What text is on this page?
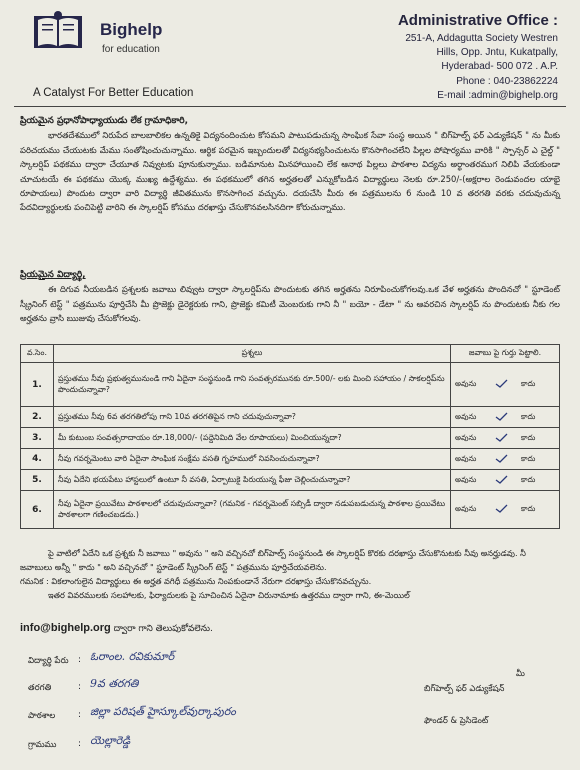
Bighelp
for education
A Catalyst For Better Education
Administrative Office :
251-A, Addagutta Society Westren
Hills, Opp. Jntu, Kukatpally,
Hyderabad- 500 072 . A.P.
Phone : 040-23862224
E-mail :admin@bighelp.org
ప్రియమైన ప్రధానోపాధ్యాయుడు లేక గ్రామాధికారి,
భారతదేశములో నిరుపేద బాలబాలికల ఉన్నతికై విద్యనందించుట కోసమని పాటుపడుచున్న సాంఘిక సేవా సంస్థ అయిన " బిగ్‌హెల్ప్ ఫర్ ఎడ్యుకేషన్ " ను మీకు పరిచయము చేయుటకు మేము సంతోషించుచున్నాము. ఆర్థిక పరమైన ఇబ్బందులతో విద్యనభ్యసించుటను కొనసాగించలేని పిల్లల పోషార్యము వారికి " స్పాన్సర్ ఎ చైల్డ్ " స్కాలర్షిప్ పథకము ద్వారా చేయూత నివ్వుటకు పూనుకున్నాము. బడిమానుట మినహాయించి లేక ఆనాథ పిల్లలు పాఠశాల విద్యను అర్థాంతరముగ నిలిపి వేయకుండా చూచుటయే ఈ పథకము యొక్క ముఖ్య ఉద్దేశ్యము. ఈ పథకములో తగిన అర్హతలతో ఎన్నుకోబడిన విద్యార్థులు నెలకు రూ.250/-(అక్షరాల రెండువందల యాభై రూపాయలు) పొందుట ద్వారా వారి విద్యార్థి జీవితమును కొనసాగించ వచ్చును. దయచేసి మీరు ఈ పత్రములను 6 నుండి 10 వ తరగతి వరకు చదువుచున్న పేదవిద్యార్థులకు పంచిపెట్టి వారిని ఈ స్కాలర్షిప్ కోసము దరఖాస్తు చేసుకొనవలసినదిగా కోరుచున్నాము.
ప్రియమైన విద్యార్థి,
ఈ దిగువ నీయబడిన ప్రశ్నలకు జవాబు లివ్వుట ద్వారా స్కాలర్షిప్‌ను పొందుటకు తగిన అర్హతను నిరూపించుకోగలవు.ఒక వేళ అర్హతను పొందినచో " స్టూడెంట్ స్క్రీనింగ్ టెస్ట్ " పత్రమును పూర్తిచేసి మీ ప్రొజెక్టు డైరెక్టరుకు గాని, ప్రొజెక్టు కమిటీ మెంబరుకు గాని నీ " బయో - డేటా " ను ఆవరచిన స్కాలర్షిప్ ను పొందుటకు నీకు గల అర్హతను వ్రాసి ఋజువు చేసుకోగలవు.
వ.సెం.	ప్రశ్నలు	జవాబు పై గుర్తు పెట్టాలి.
1.	ప్రస్తుతము నీవు ప్రభుత్వమునుండి గాని ఏదైనా సంస్థనుండి గాని సంవత్సరమునకు రూ.500/- లకు మించి సహాయం / సాకలర్షిప్‌ను పొందుచున్నావా?	అవును కాదు
2.	ప్రస్తుతము నీవు 6వ తరగతిలోపు గాని 10వ తరగతిపైన గాని చదువుచున్నావా?	అవును కాదు
3.	మీ కుటుంబ సంవత్సరాదాయం రూ.18,000/- (పద్దెనిమిది వేల రూపాయలు) మించియున్నదా?	అవును కాదు
4.	నీవు గవర్నమెంటు వారి ఏదైనా సాంఘిక సంక్షేమ వసతి గృహములో నివసించుచున్నావా?	అవును కాదు
5.	నీవు ఏదేని భయపేటు హాస్టలులో ఉంటూ నీ వసతి, ఏర్పాటుకై పిరుయున్న ఫీజు చెల్లించుచున్నావా?	అవును కాదు
6.	నీవు ఏదైనా ప్రయివేటు పాఠశాలలో చదువుచున్నావా? (గమనిక - గవర్నమెంట్ సబ్సిడీ ద్వారా నడుపబడుచున్న పాఠశాల ప్రయివేటు పాఠశాలగా గణించబడదు.)	అవును కాదు
పై వాటిలో ఏదేని ఒక ప్రశ్నకు నీ జవాబు " అవును " అని వచ్చినచో బిగ్‌హెల్ప్ సంస్థనుండి ఈ స్కాలర్షిప్ కొరకు దరఖాస్తు చేసుకొనుటకు నీవు అనర్హుడవు. నీ జవాబులు అన్నీ " కాదు " అని వచ్చినచో " స్టూడెంట్ స్క్రీనింగ్ టెస్ట్ " పత్రమును పూర్తిచేయవలెను.
గమనిక : వికలాంగులైన విద్యార్థులు ఈ అర్హత వగిధీ పత్రమును నింపకుండానే నేరుగా దరఖాస్తు చేసుకొనవచ్చును.
ఇతర వివరములకు సలహాలకు, ఫిర్యాదులకు పై సూచించిన ఏదైనా చిరునామాకు ఉత్తరము ద్వారా గాని, ఈ-మెయిల్
info@bighelp.org ద్వారా గాని తెలుపుకోవలెను.
విద్యార్థి పేరు : ఓరాంల. రవికుమార్
తరగతి	: 9వ తరగతి
పాఠశాల	: జిల్లా పరిషత్ హైస్కూల్‌వుర్కాపురం
గ్రామము : యెల్లారెడ్డి
మీ
బిగ్‌హెల్ప్ ఫర్ ఎడ్యుకేషన్
ఫౌండర్ & ప్రెసిడెంట్
